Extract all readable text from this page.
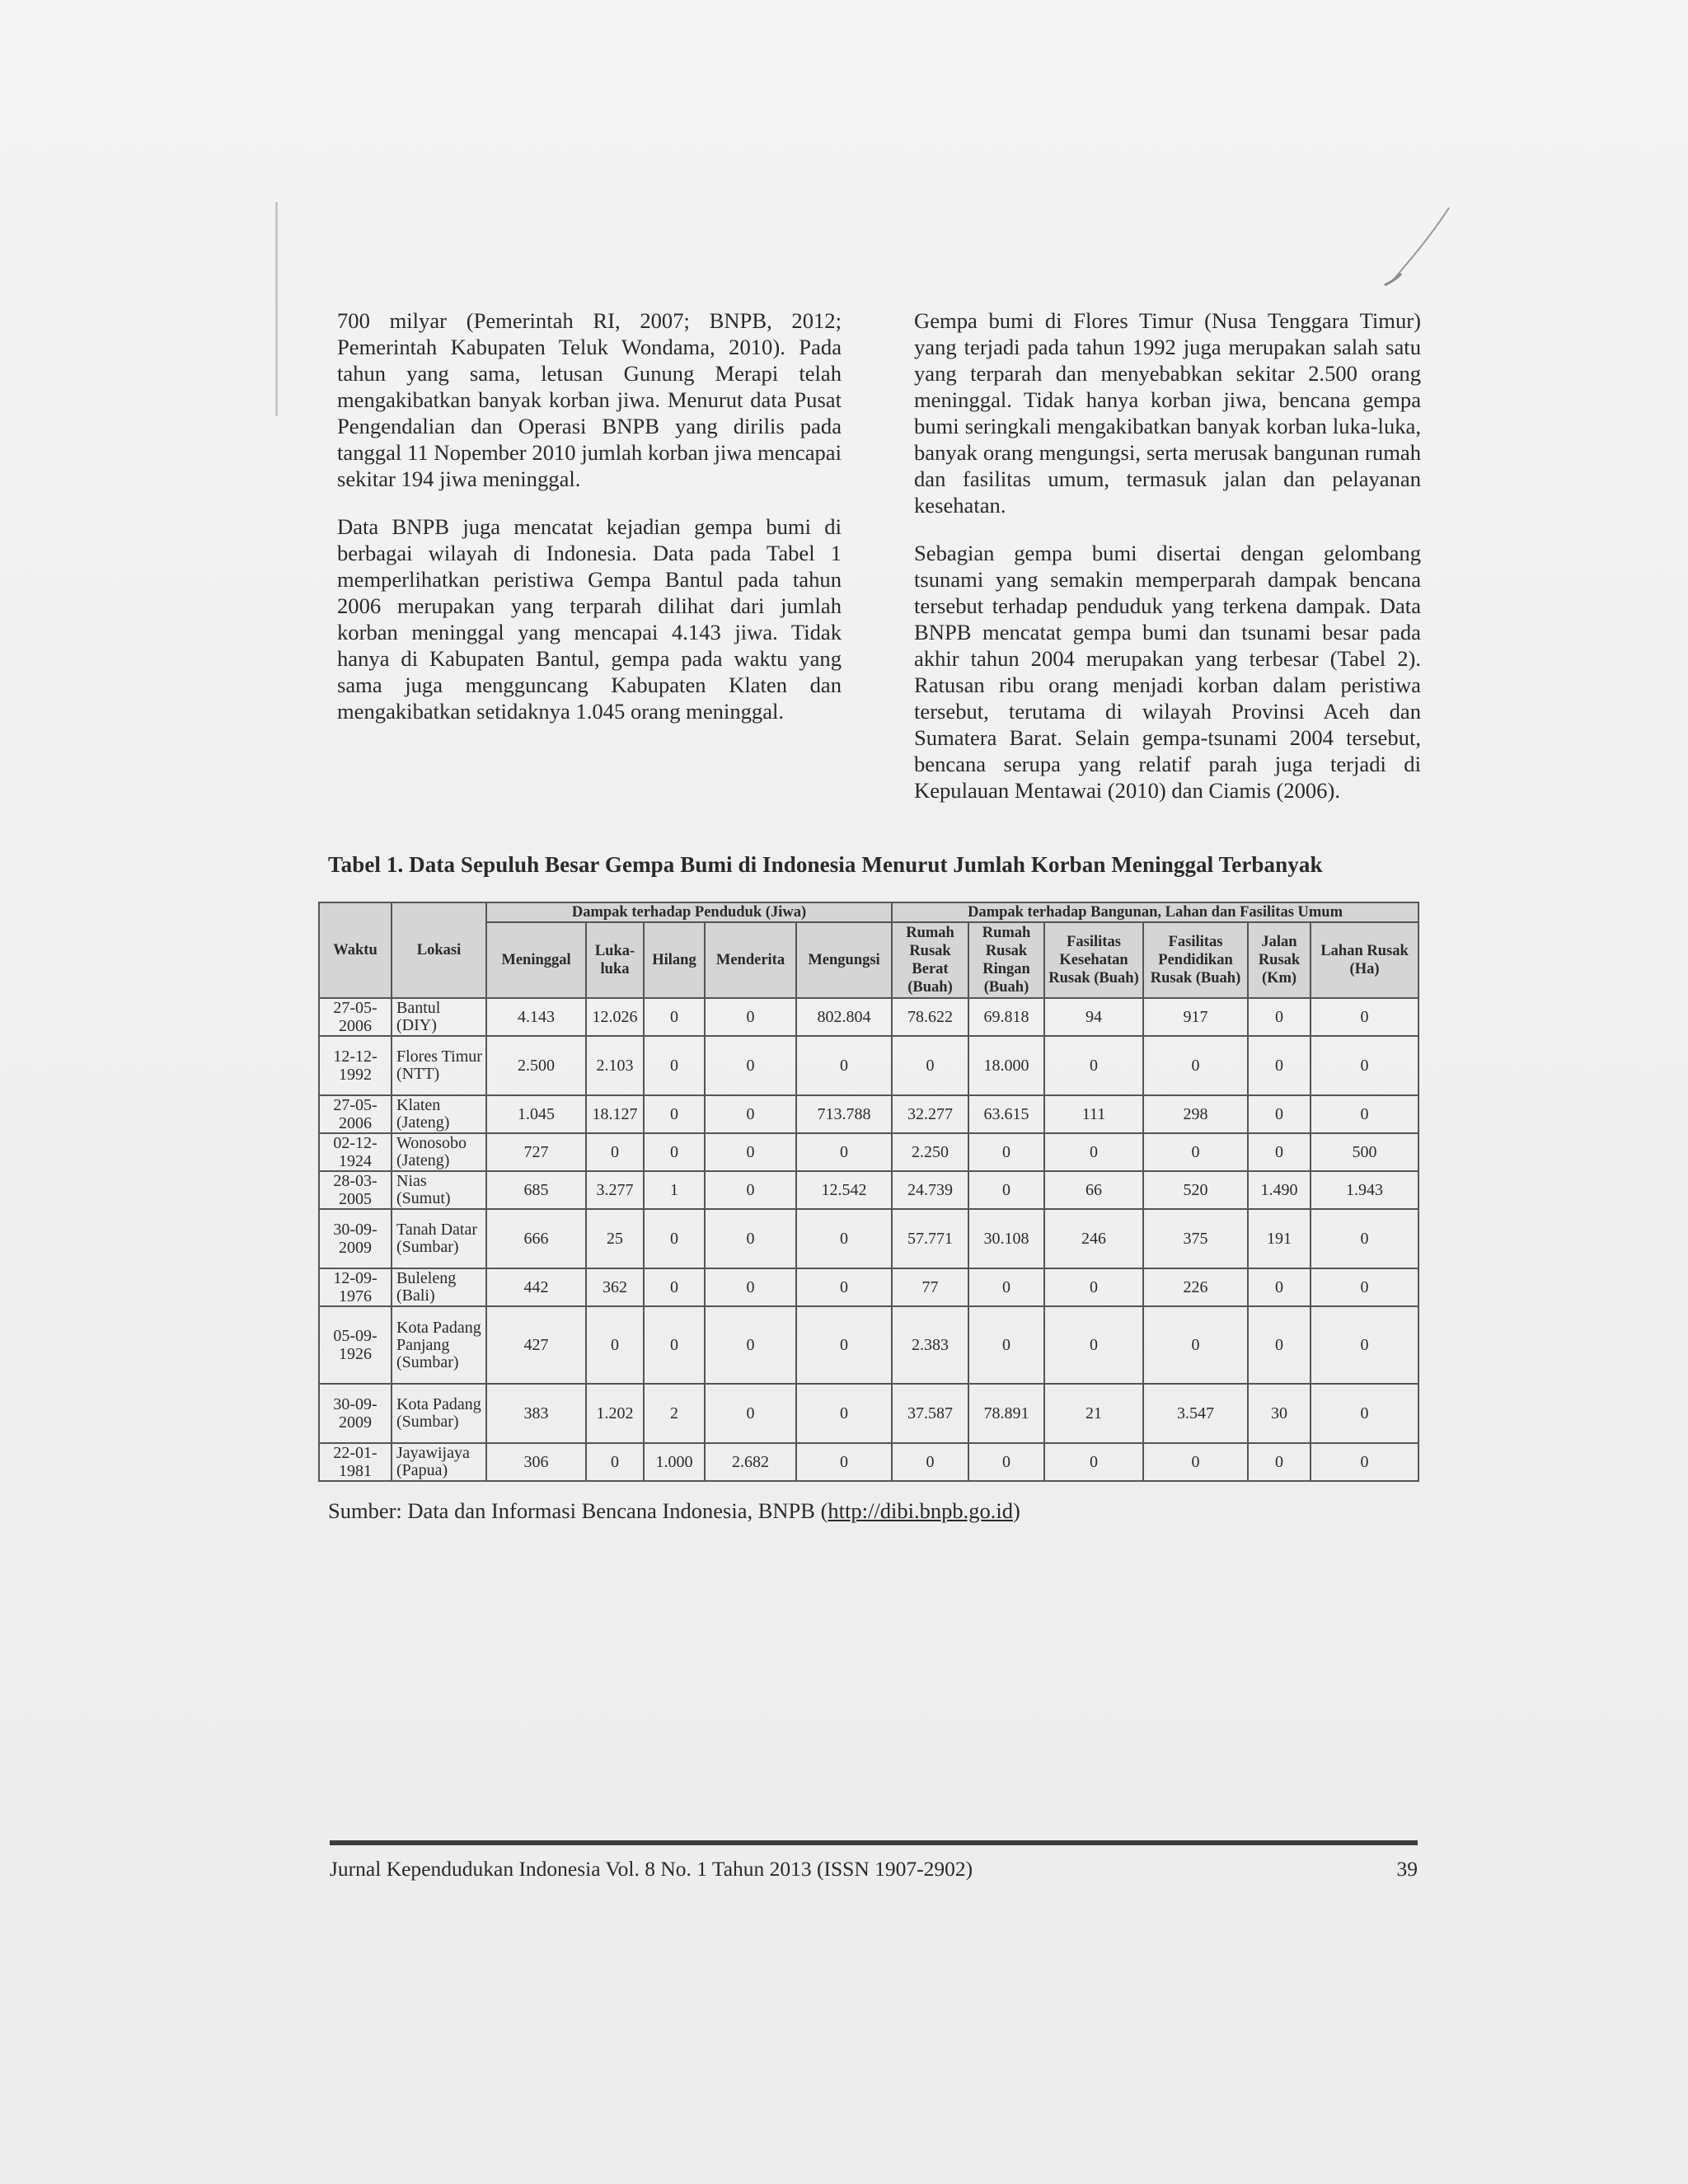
700 milyar (Pemerintah RI, 2007; BNPB, 2012; Pemerintah Kabupaten Teluk Wondama, 2010). Pada tahun yang sama, letusan Gunung Merapi telah mengakibatkan banyak korban jiwa. Menurut data Pusat Pengendalian dan Operasi BNPB yang dirilis pada tanggal 11 Nopember 2010 jumlah korban jiwa mencapai sekitar 194 jiwa meninggal.

Data BNPB juga mencatat kejadian gempa bumi di berbagai wilayah di Indonesia. Data pada Tabel 1 memperlihatkan peristiwa Gempa Bantul pada tahun 2006 merupakan yang terparah dilihat dari jumlah korban meninggal yang mencapai 4.143 jiwa. Tidak hanya di Kabupaten Bantul, gempa pada waktu yang sama juga mengguncang Kabupaten Klaten dan mengakibatkan setidaknya 1.045 orang meninggal.

Gempa bumi di Flores Timur (Nusa Tenggara Timur) yang terjadi pada tahun 1992 juga merupakan salah satu yang terparah dan menyebabkan sekitar 2.500 orang meninggal. Tidak hanya korban jiwa, bencana gempa bumi seringkali mengakibatkan banyak korban luka-luka, banyak orang mengungsi, serta merusak bangunan rumah dan fasilitas umum, termasuk jalan dan pelayanan kesehatan.

Sebagian gempa bumi disertai dengan gelombang tsunami yang semakin memperparah dampak bencana tersebut terhadap penduduk yang terkena dampak. Data BNPB mencatat gempa bumi dan tsunami besar pada akhir tahun 2004 merupakan yang terbesar (Tabel 2). Ratusan ribu orang menjadi korban dalam peristiwa tersebut, terutama di wilayah Provinsi Aceh dan Sumatera Barat. Selain gempa-tsunami 2004 tersebut, bencana serupa yang relatif parah juga terjadi di Kepulauan Mentawai (2010) dan Ciamis (2006).

Tabel 1. Data Sepuluh Besar Gempa Bumi di Indonesia Menurut Jumlah Korban Meninggal Terbanyak
Waktu	Lokasi	Dampak terhadap Penduduk (Jiwa)					Dampak terhadap Bangunan, Lahan dan Fasilitas Umum					
		Meninggal	Luka-luka	Hilang	Menderita	Mengungsi	Rumah Rusak Berat (Buah)	Rumah Rusak Ringan (Buah)	Fasilitas Kesehatan Rusak (Buah)	Fasilitas Pendidikan Rusak (Buah)	Jalan Rusak (Km)	Lahan Rusak (Ha)
27-05-2006	Bantul (DIY)	4.143	12.026	0	0	802.804	78.622	69.818	94	917	0	0
12-12-1992	Flores Timur (NTT)	2.500	2.103	0	0	0	0	18.000	0	0	0	0
27-05-2006	Klaten (Jateng)	1.045	18.127	0	0	713.788	32.277	63.615	111	298	0	0
02-12-1924	Wonosobo (Jateng)	727	0	0	0	0	2.250	0	0	0	0	500
28-03-2005	Nias (Sumut)	685	3.277	1	0	12.542	24.739	0	66	520	1.490	1.943
30-09-2009	Tanah Datar (Sumbar)	666	25	0	0	0	57.771	30.108	246	375	191	0
12-09-1976	Buleleng (Bali)	442	362	0	0	0	77	0	0	226	0	0
05-09-1926	Kota Padang Panjang (Sumbar)	427	0	0	0	0	2.383	0	0	0	0	0
30-09-2009	Kota Padang (Sumbar)	383	1.202	2	0	0	37.587	78.891	21	3.547	30	0
22-01-1981	Jayawijaya (Papua)	306	0	1.000	2.682	0	0	0	0	0	0	0
Sumber: Data dan Informasi Bencana Indonesia, BNPB (http://dibi.bnpb.go.id)
Jurnal Kependudukan Indonesia Vol. 8 No. 1 Tahun 2013 (ISSN 1907-2902)	39
